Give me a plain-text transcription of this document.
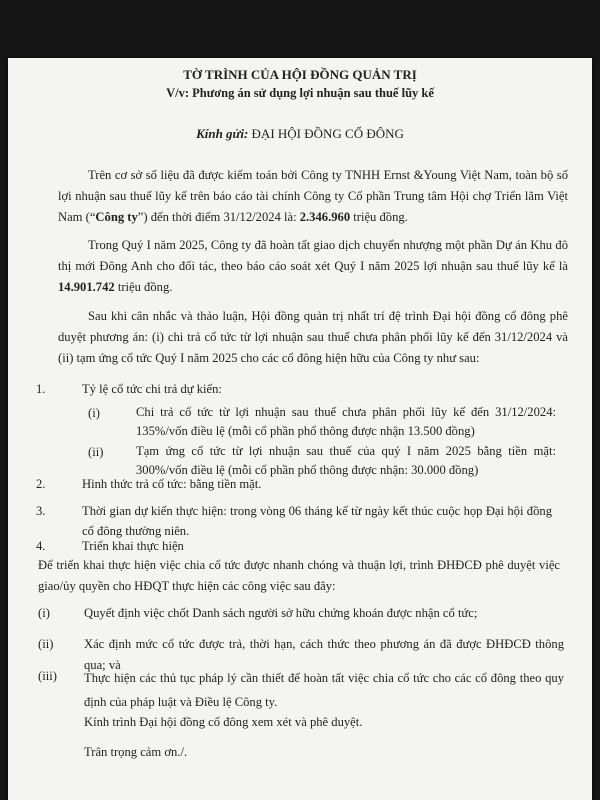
TỜ TRÌNH CỦA HỘI ĐỒNG QUẢN TRỊ
V/v: Phương án sử dụng lợi nhuận sau thuế lũy kế
Kính gửi: ĐẠI HỘI ĐỒNG CỔ ĐÔNG
Trên cơ sở số liệu đã được kiểm toán bởi Công ty TNHH Ernst &Young Việt Nam, toàn bộ số lợi nhuận sau thuế lũy kế trên báo cáo tài chính Công ty Cổ phần Trung tâm Hội chợ Triển lãm Việt Nam (“Công ty”) đến thời điểm 31/12/2024 là: 2.346.960 triệu đồng.
Trong Quý I năm 2025, Công ty đã hoàn tất giao dịch chuyển nhượng một phần Dự án Khu đô thị mới Đông Anh cho đối tác, theo báo cáo soát xét Quý I năm 2025 lợi nhuận sau thuế lũy kế là 14.901.742 triệu đồng.
Sau khi cân nhắc và thảo luận, Hội đồng quản trị nhất trí đệ trình Đại hội đồng cổ đông phê duyệt phương án: (i) chi trả cổ tức từ lợi nhuận sau thuế chưa phân phối lũy kế đến 31/12/2024 và (ii) tạm ứng cổ tức Quý I năm 2025 cho các cổ đông hiện hữu của Công ty như sau:
1.	Tỷ lệ cổ tức chi trả dự kiến:
(i)	Chi trả cổ tức từ lợi nhuận sau thuế chưa phân phối lũy kế đến 31/12/2024: 135%/vốn điều lệ (mỗi cổ phần phổ thông được nhận 13.500 đồng)
(ii)	Tạm ứng cổ tức từ lợi nhuận sau thuế của quý I năm 2025 bằng tiền mặt: 300%/vốn điều lệ (mỗi cổ phần phổ thông được nhận: 30.000 đồng)
2.	Hình thức trả cổ tức: bằng tiền mặt.
3.	Thời gian dự kiến thực hiện: trong vòng 06 tháng kể từ ngày kết thúc cuộc họp Đại hội đồng cổ đông thường niên.
4.	Triển khai thực hiện
Để triển khai thực hiện việc chia cổ tức được nhanh chóng và thuận lợi, trình ĐHĐCĐ phê duyệt việc giao/ủy quyền cho HĐQT thực hiện các công việc sau đây:
(i)	Quyết định việc chốt Danh sách người sở hữu chứng khoán được nhận cổ tức;
(ii) Xác định mức cổ tức được trả, thời hạn, cách thức theo phương án đã được ĐHĐCĐ thông qua; và
(iii) Thực hiện các thủ tục pháp lý cần thiết để hoàn tất việc chia cổ tức cho các cổ đông theo quy định của pháp luật và Điều lệ Công ty.
Kính trình Đại hội đồng cổ đông xem xét và phê duyệt.
Trân trọng cảm ơn./.
